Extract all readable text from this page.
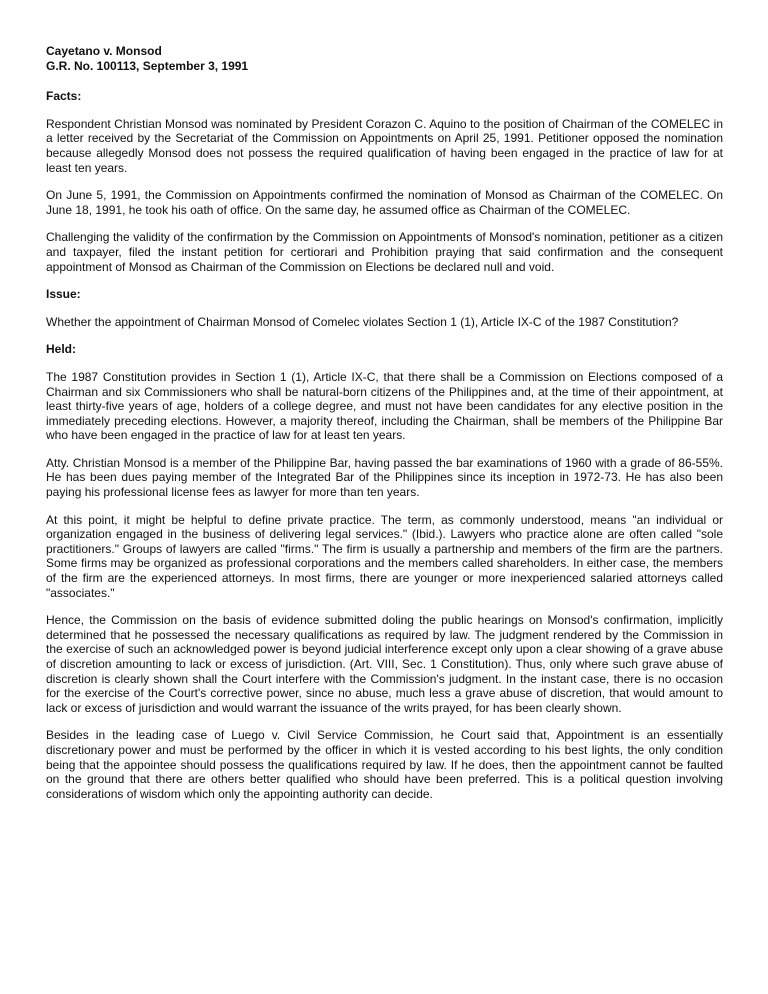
Cayetano v. Monsod

G.R. No. 100113, September 3, 1991

Facts:

Respondent Christian Monsod was nominated by President Corazon C. Aquino to the position of Chairman of the COMELEC in a letter received by the Secretariat of the Commission on Appointments on April 25, 1991. Petitioner opposed the nomination because allegedly Monsod does not possess the required qualification of having been engaged in the practice of law for at least ten years.

On June 5, 1991, the Commission on Appointments confirmed the nomination of Monsod as Chairman of the COMELEC. On June 18, 1991, he took his oath of office. On the same day, he assumed office as Chairman of the COMELEC.

Challenging the validity of the confirmation by the Commission on Appointments of Monsod's nomination, petitioner as a citizen and taxpayer, filed the instant petition for certiorari and Prohibition praying that said confirmation and the consequent appointment of Monsod as Chairman of the Commission on Elections be declared null and void.

Issue:

Whether the appointment of Chairman Monsod of Comelec violates Section 1 (1), Article IX-C of the 1987 Constitution?

Held:

The 1987 Constitution provides in Section 1 (1), Article IX-C, that there shall be a Commission on Elections composed of a Chairman and six Commissioners who shall be natural-born citizens of the Philippines and, at the time of their appointment, at least thirty-five years of age, holders of a college degree, and must not have been candidates for any elective position in the immediately preceding elections. However, a majority thereof, including the Chairman, shall be members of the Philippine Bar who have been engaged in the practice of law for at least ten years.

Atty. Christian Monsod is a member of the Philippine Bar, having passed the bar examinations of 1960 with a grade of 86-55%. He has been dues paying member of the Integrated Bar of the Philippines since its inception in 1972-73. He has also been paying his professional license fees as lawyer for more than ten years.

At this point, it might be helpful to define private practice. The term, as commonly understood, means "an individual or organization engaged in the business of delivering legal services." (Ibid.). Lawyers who practice alone are often called "sole practitioners." Groups of lawyers are called "firms." The firm is usually a partnership and members of the firm are the partners. Some firms may be organized as professional corporations and the members called shareholders. In either case, the members of the firm are the experienced attorneys. In most firms, there are younger or more inexperienced salaried attorneys called "associates."

Hence, the Commission on the basis of evidence submitted doling the public hearings on Monsod's confirmation, implicitly determined that he possessed the necessary qualifications as required by law. The judgment rendered by the Commission in the exercise of such an acknowledged power is beyond judicial interference except only upon a clear showing of a grave abuse of discretion amounting to lack or excess of jurisdiction. (Art. VIII, Sec. 1 Constitution). Thus, only where such grave abuse of discretion is clearly shown shall the Court interfere with the Commission's judgment. In the instant case, there is no occasion for the exercise of the Court's corrective power, since no abuse, much less a grave abuse of discretion, that would amount to lack or excess of jurisdiction and would warrant the issuance of the writs prayed, for has been clearly shown.

Besides in the leading case of Luego v. Civil Service Commission, he Court said that, Appointment is an essentially discretionary power and must be performed by the officer in which it is vested according to his best lights, the only condition being that the appointee should possess the qualifications required by law. If he does, then the appointment cannot be faulted on the ground that there are others better qualified who should have been preferred. This is a political question involving considerations of wisdom which only the appointing authority can decide.
